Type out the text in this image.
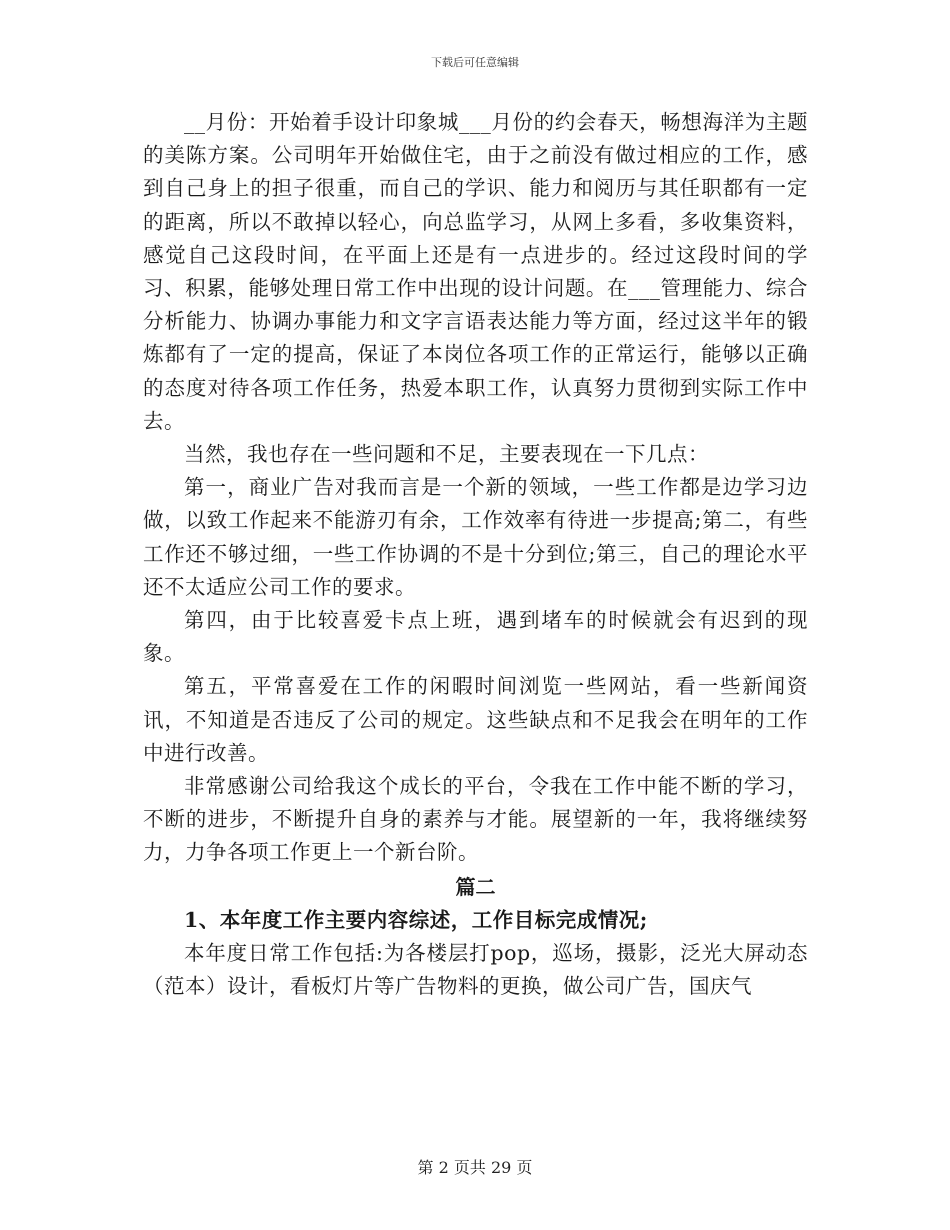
下载后可任意编辑

__月份：开始着手设计印象城___月份的约会春天，畅想海洋为主题的美陈方案。公司明年开始做住宅，由于之前没有做过相应的工作，感到自己身上的担子很重，而自己的学识、能力和阅历与其任职都有一定的距离，所以不敢掉以轻心，向总监学习，从网上多看，多收集资料，感觉自己这段时间，在平面上还是有一点进步的。经过这段时间的学习、积累，能够处理日常工作中出现的设计问题。在___管理能力、综合分析能力、协调办事能力和文字言语表达能力等方面，经过这半年的锻炼都有了一定的提高，保证了本岗位各项工作的正常运行，能够以正确的态度对待各项工作任务，热爱本职工作，认真努力贯彻到实际工作中去。

当然，我也存在一些问题和不足，主要表现在一下几点：

第一，商业广告对我而言是一个新的领域，一些工作都是边学习边做，以致工作起来不能游刃有余，工作效率有待进一步提高;第二，有些工作还不够过细，一些工作协调的不是十分到位;第三，自己的理论水平还不太适应公司工作的要求。

第四，由于比较喜爱卡点上班，遇到堵车的时候就会有迟到的现象。

第五，平常喜爱在工作的闲暇时间浏览一些网站，看一些新闻资讯，不知道是否违反了公司的规定。这些缺点和不足我会在明年的工作中进行改善。

非常感谢公司给我这个成长的平台，令我在工作中能不断的学习，不断的进步，不断提升自身的素养与才能。展望新的一年，我将继续努力，力争各项工作更上一个新台阶。

篇二

1、本年度工作主要内容综述，工作目标完成情况;

本年度日常工作包括:为各楼层打pop，巡场，摄影，泛光大屏动态（范本）设计，看板灯片等广告物料的更换，做公司广告，国庆气

第 2 页共 29 页
